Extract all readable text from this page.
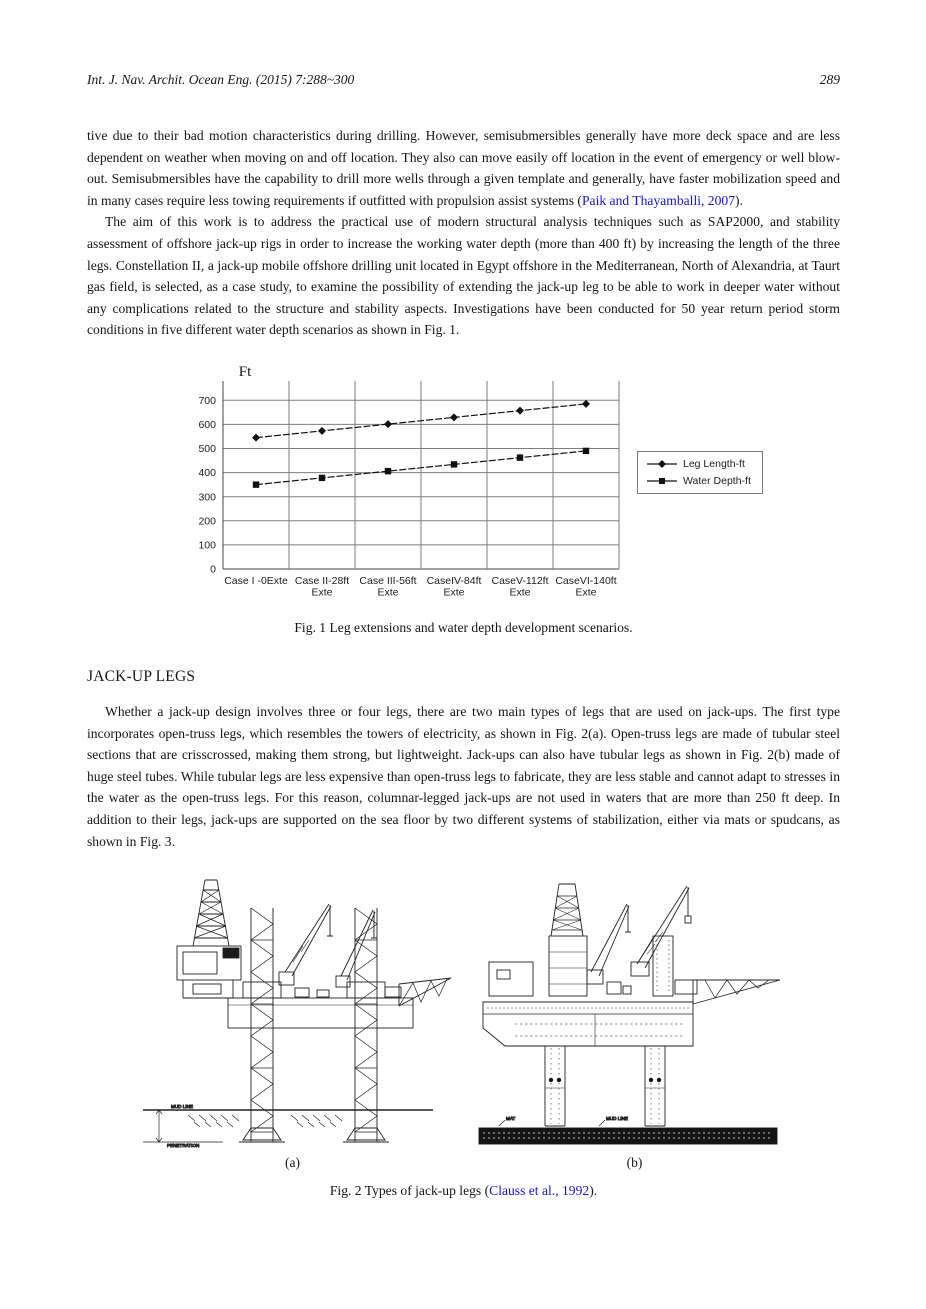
Int. J. Nav. Archit. Ocean Eng. (2015) 7:288~300	289

tive due to their bad motion characteristics during drilling. However, semisubmersibles generally have more deck space and are less dependent on weather when moving on and off location. They also can move easily off location in the event of emergency or well blow-out. Semisubmersibles have the capability to drill more wells through a given template and generally, have faster mobilization speed and in many cases require less towing requirements if outfitted with propulsion assist systems (Paik and Thayamballi, 2007).

The aim of this work is to address the practical use of modern structural analysis techniques such as SAP2000, and stability assessment of offshore jack-up rigs in order to increase the working water depth (more than 400 ft) by increasing the length of the three legs. Constellation II, a jack-up mobile offshore drilling unit located in Egypt offshore in the Mediterranean, North of Alexandria, at Taurt gas field, is selected, as a case study, to examine the possibility of extending the jack-up leg to be able to work in deeper water without any complications related to the structure and stability aspects. Investigations have been conducted for 50 year return period storm conditions in five different water depth scenarios as shown in Fig. 1.

0
100
200
300
400
500
600
700
Ft
Case I -0Exte Case II-28ft Exte
Case III-56ft Exte
CaseIV-84ft Exte
CaseV-112ft Exte
CaseVI-140ft Exte
Leg Length-ft
Water Depth-ft
Fig. 1 Leg extensions and water depth development scenarios.
JACK-UP LEGS

Whether a jack-up design involves three or four legs, there are two main types of legs that are used on jack-ups. The first type incorporates open-truss legs, which resembles the towers of electricity, as shown in Fig. 2(a). Open-truss legs are made of tubular steel sections that are crisscrossed, making them strong, but lightweight. Jack-ups can also have tubular legs as shown in Fig. 2(b) made of huge steel tubes. While tubular legs are less expensive than open-truss legs to fabricate, they are less stable and cannot adapt to stresses in the water as the open-truss legs. For this reason, columnar-legged jack-ups are not used in waters that are more than 250 ft deep. In addition to their legs, jack-ups are supported on the sea floor by two different systems of stabilization, either via mats or spudcans, as shown in Fig. 3.

MUD LINE
PENETRATION
(a)
MAT	MUD LINE
(b)
Fig. 2 Types of jack-up legs (Clauss et al., 1992).
